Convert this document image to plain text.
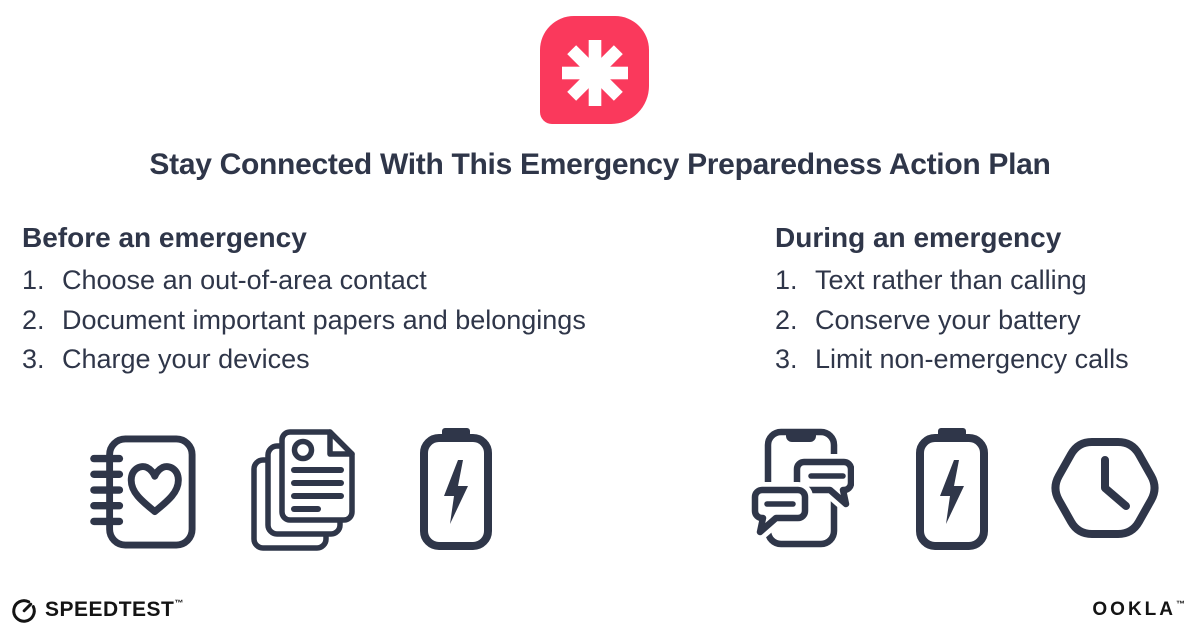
Stay Connected With This Emergency Preparedness Action Plan
Before an emergency
1. Choose an out-of-area contact
2. Document important papers and belongings
3. Charge your devices
During an emergency
1. Text rather than calling
2. Conserve your battery
3. Limit non-emergency calls
SPEEDTEST™	OOKLA™
